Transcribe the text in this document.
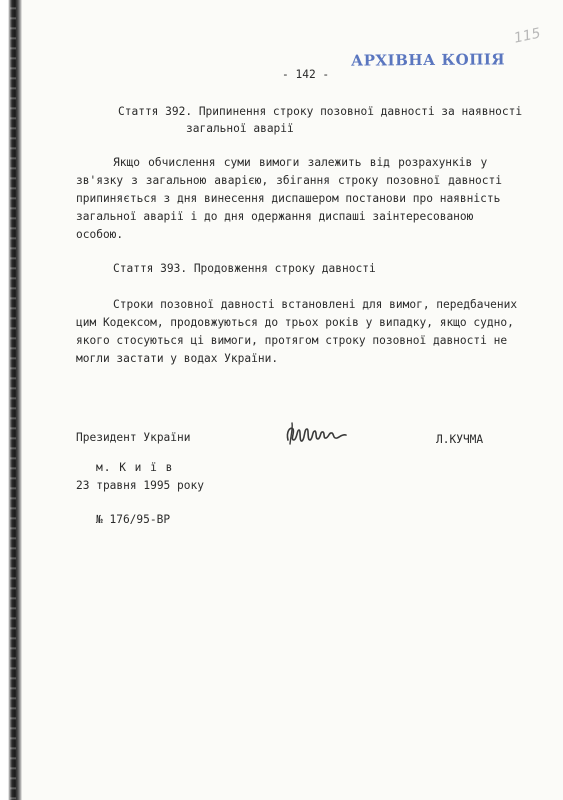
115
- 142 -
АРХІВНА КОПІЯ
Стаття 392. Припинення строку позовної давності за наявності
загальної аварії
Якщо обчислення суми вимоги залежить від розрахунків у
зв'язку з загальною аварією, збігання строку позовної давності
припиняється з дня винесення диспашером постанови про наявність
загальної аварії і до дня одержання диспаші заінтересованою
особою.
Стаття 393. Продовження строку давності
Строки позовної давності встановлені для вимог, передбачених
цим Кодексом, продовжуються до трьох років у випадку, якщо судно,
якого стосуються ці вимоги, протягом строку позовної давності не
могли застати у водах України.
Президент України	Л.КУЧМА
м. К и ї в
23 травня 1995 року
№ 176/95-ВР
